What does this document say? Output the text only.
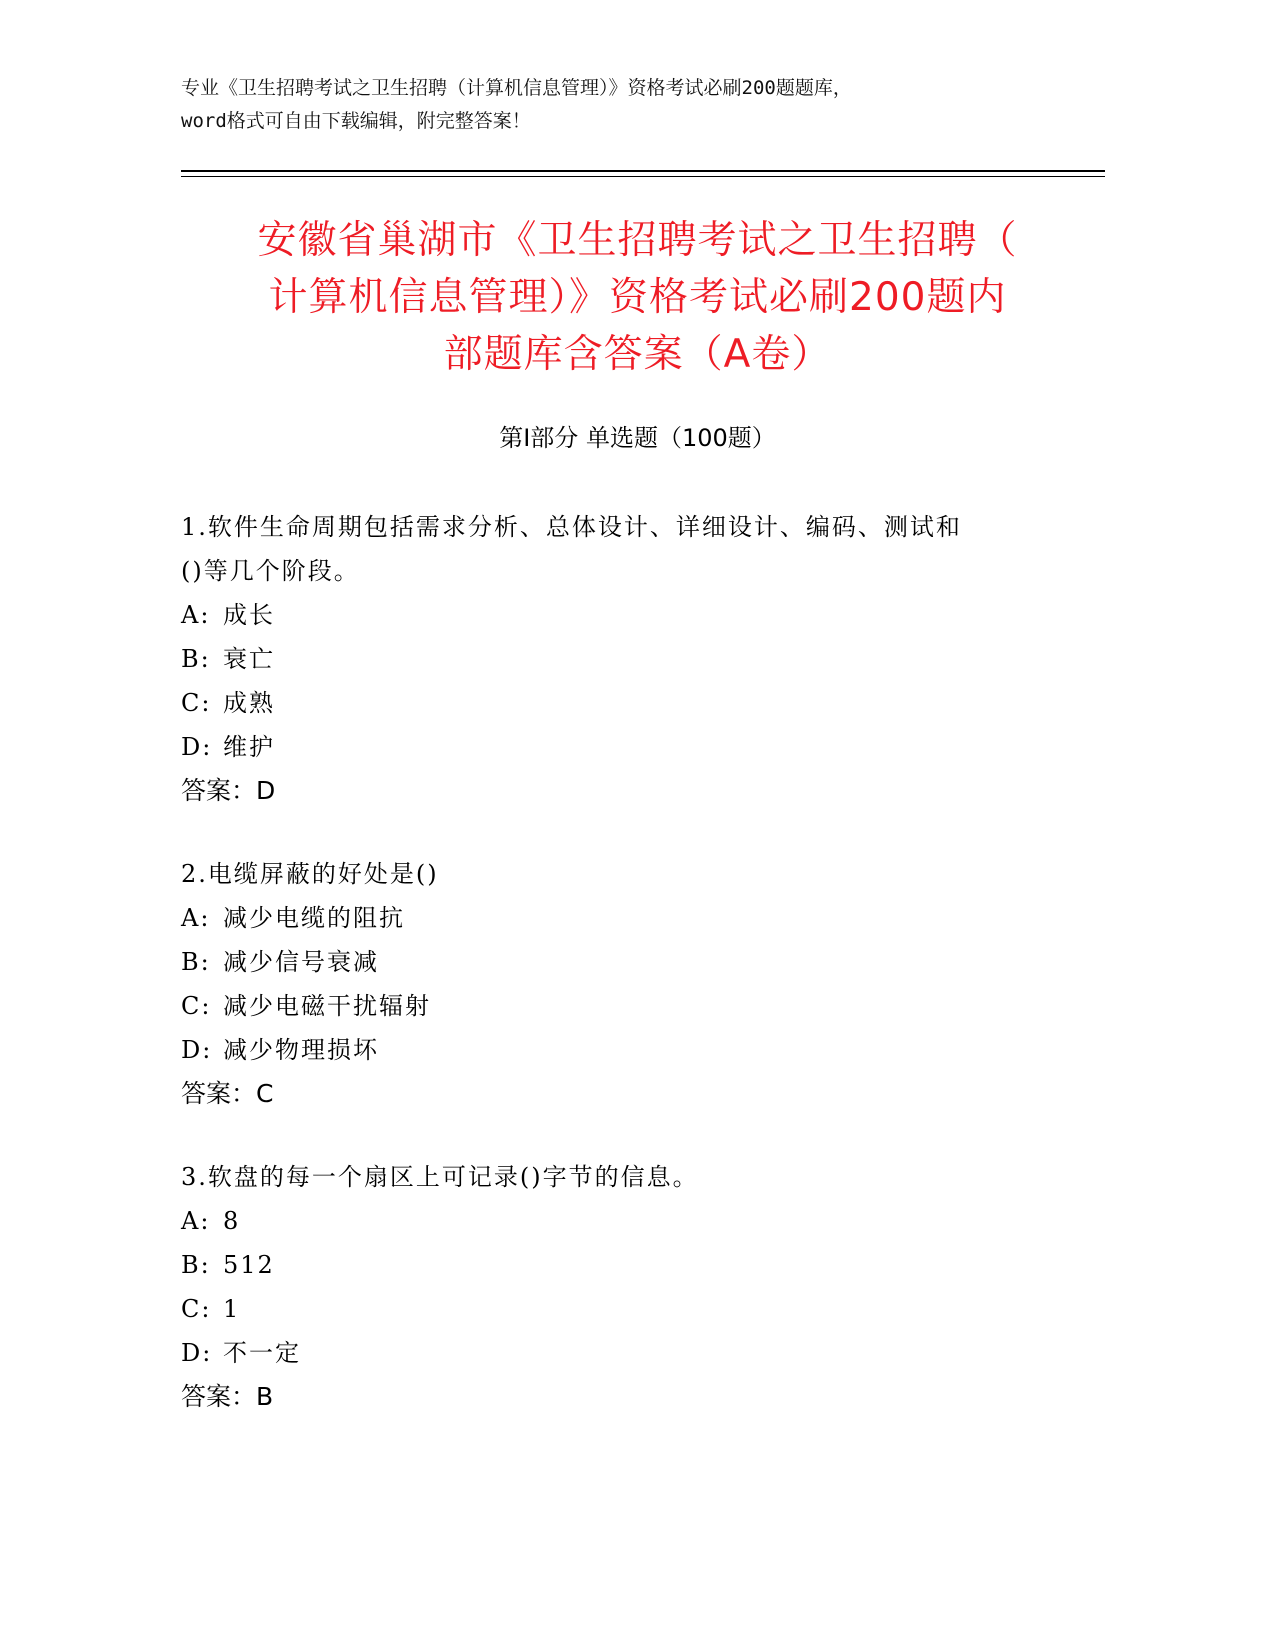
专业《卫生招聘考试之卫生招聘（计算机信息管理）》资格考试必刷200题题库，
word格式可自由下载编辑，附完整答案！
安徽省巢湖市《卫生招聘考试之卫生招聘（
计算机信息管理）》资格考试必刷200题内
部题库含答案（A卷）
第Ⅰ部分 单选题（100题）
1.软件生命周期包括需求分析、总体设计、详细设计、编码、测试和
()等几个阶段。
A: 成长
B: 衰亡
C: 成熟
D: 维护
答案：D
2.电缆屏蔽的好处是()
A: 减少电缆的阻抗
B: 减少信号衰减
C: 减少电磁干扰辐射
D: 减少物理损坏
答案：C
3.软盘的每一个扇区上可记录()字节的信息。
A: 8
B: 512
C: 1
D: 不一定
答案：B
